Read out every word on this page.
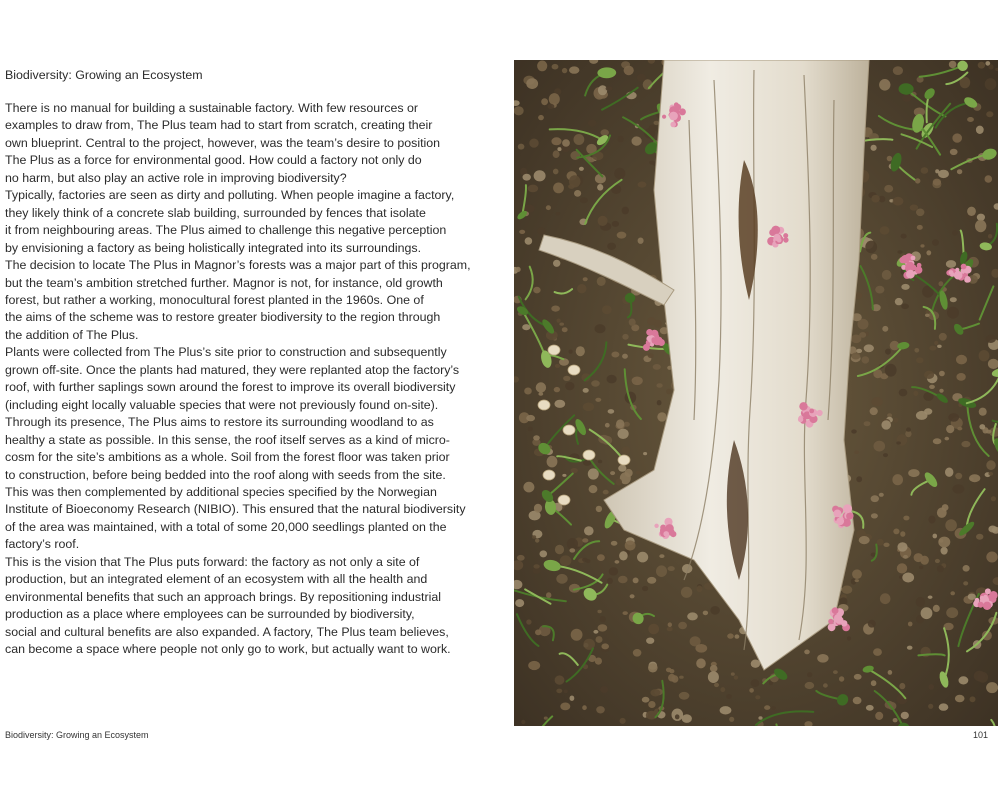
Biodiversity: Growing an Ecosystem
There is no manual for building a sustainable factory. With few resources or
examples to draw from, The Plus team had to start from scratch, creating their
own blueprint. Central to the project, however, was the team’s desire to position
The Plus as a force for environmental good. How could a factory not only do
no harm, but also play an active role in improving biodiversity?
Typically, factories are seen as dirty and polluting. When people imagine a factory,
they likely think of a concrete slab building, surrounded by fences that isolate
it from neighbouring areas. The Plus aimed to challenge this negative perception
by envisioning a factory as being holistically integrated into its surroundings.
The decision to locate The Plus in Magnor’s forests was a major part of this program,
but the team’s ambition stretched further. Magnor is not, for instance, old growth
forest, but rather a working, monocultural forest planted in the 1960s. One of
the aims of the scheme was to restore greater biodiversity to the region through
the addition of The Plus.
Plants were collected from The Plus’s site prior to construction and subsequently
grown off-site. Once the plants had matured, they were replanted atop the factory’s
roof, with further saplings sown around the forest to improve its overall biodiversity
(including eight locally valuable species that were not previously found on-site).
Through its presence, The Plus aims to restore its surrounding woodland to as
healthy a state as possible. In this sense, the roof itself serves as a kind of micro-
cosm for the site’s ambitions as a whole. Soil from the forest floor was taken prior
to construction, before being bedded into the roof along with seeds from the site.
This was then complemented by additional species specified by the Norwegian
Institute of Bioeconomy Research (NIBIO). This ensured that the natural biodiversity
of the area was maintained, with a total of some 20,000 seedlings planted on the
factory’s roof.
This is the vision that The Plus puts forward: the factory as not only a site of
production, but an integrated element of an ecosystem with all the health and
environmental benefits that such an approach brings. By repositioning industrial
production as a place where employees can be surrounded by biodiversity,
social and cultural benefits are also expanded. A factory, The Plus team believes,
can become a space where people not only go to work, but actually want to work.
Biodiversity: Growing an Ecosystem	101
